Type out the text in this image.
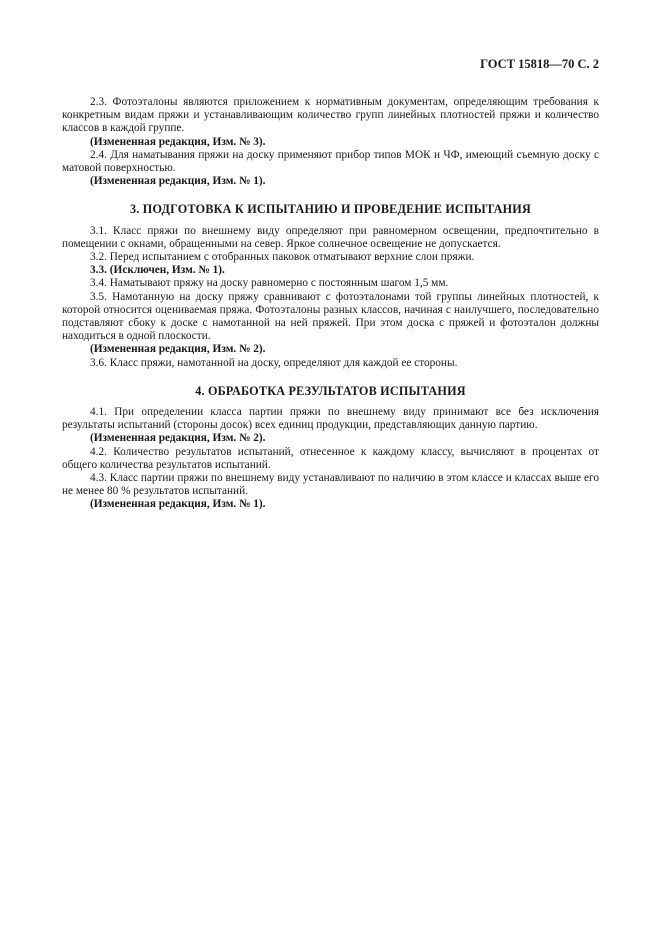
ГОСТ 15818—70 С. 2

2.3. Фотоэталоны являются приложением к нормативным документам, определяющим требования к конкретным видам пряжи и устанавливающим количество групп линейных плотностей пряжи и количество классов в каждой группе.

(Измененная редакция, Изм. № 3).

2.4. Для наматывания пряжи на доску применяют прибор типов МОК и ЧФ, имеющий съемную доску с матовой поверхностью.

(Измененная редакция, Изм. № 1).

3. ПОДГОТОВКА К ИСПЫТАНИЮ И ПРОВЕДЕНИЕ ИСПЫТАНИЯ

3.1. Класс пряжи по внешнему виду определяют при равномерном освещении, предпочтительно в помещении с окнами, обращенными на север. Яркое солнечное освещение не допускается.

3.2. Перед испытанием с отобранных паковок отматывают верхние слои пряжи.

3.3. (Исключен, Изм. № 1).

3.4. Наматывают пряжу на доску равномерно с постоянным шагом 1,5 мм.

3.5. Намотанную на доску пряжу сравнивают с фотоэталонами той группы линейных плотностей, к которой относится оцениваемая пряжа. Фотоэталоны разных классов, начиная с наилучшего, последовательно подставляют сбоку к доске с намотанной на ней пряжей. При этом доска с пряжей и фотоэталон должны находиться в одной плоскости.

(Измененная редакция, Изм. № 2).

3.6. Класс пряжи, намотанной на доску, определяют для каждой ее стороны.

4. ОБРАБОТКА РЕЗУЛЬТАТОВ ИСПЫТАНИЯ

4.1. При определении класса партии пряжи по внешнему виду принимают все без исключения результаты испытаний (стороны досок) всех единиц продукции, представляющих данную партию.

(Измененная редакция, Изм. № 2).

4.2. Количество результатов испытаний, отнесенное к каждому классу, вычисляют в процентах от общего количества результатов испытаний.

4.3. Класс партии пряжи по внешнему виду устанавливают по наличию в этом классе и классах выше его не менее 80 % результатов испытаний.

(Измененная редакция, Изм. № 1).
